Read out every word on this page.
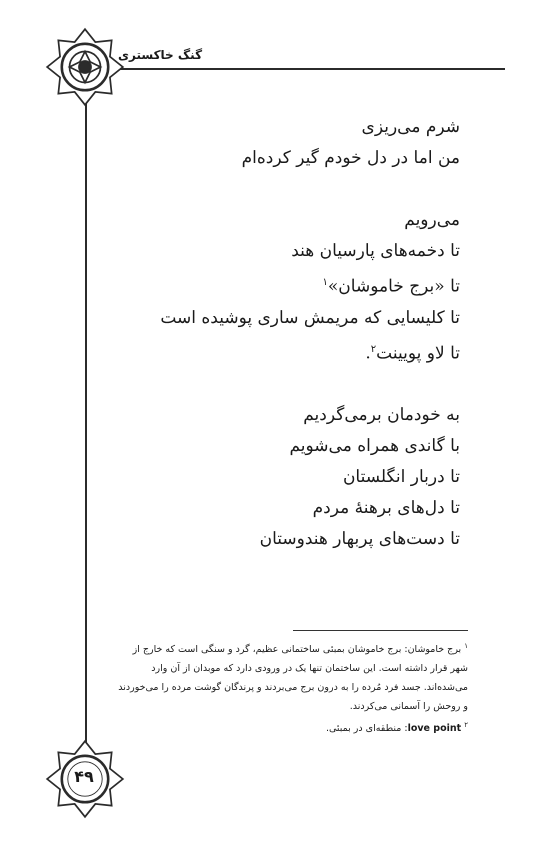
گنگ خاکستری
شرم می‌ریزی
من اما در دل خودم گیر کرده‌ام
می‌رویم
تا دخمه‌های پارسیان هند
تا «برج خاموشان»$^۱$
تا کلیسایی که مریمش ساری پوشیده است
تا لاو پویینت$^۲$.
به خودمان برمی‌گردیم
با گاندی همراه می‌شویم
تا دربار انگلستان
تا دل‌های برهنهٔ مردم
تا دست‌های پربهار هندوستان

$^۱$ برج خاموشان: برج خاموشان بمبئی ساختمانی عظیم، گرد و سنگی است که خارج از

شهر قرار داشته است. این ساختمان تنها یک در ورودی دارد که موبدان از آن وارد

می‌شده‌اند. جسد فرد مُرده را به درون برج می‌بردند و پرندگان گوشت مرده را می‌خوردند

و روحش را آسمانی می‌کردند.

$^۲$ love point: منطقه‌ای در بمبئی.

۴۹
